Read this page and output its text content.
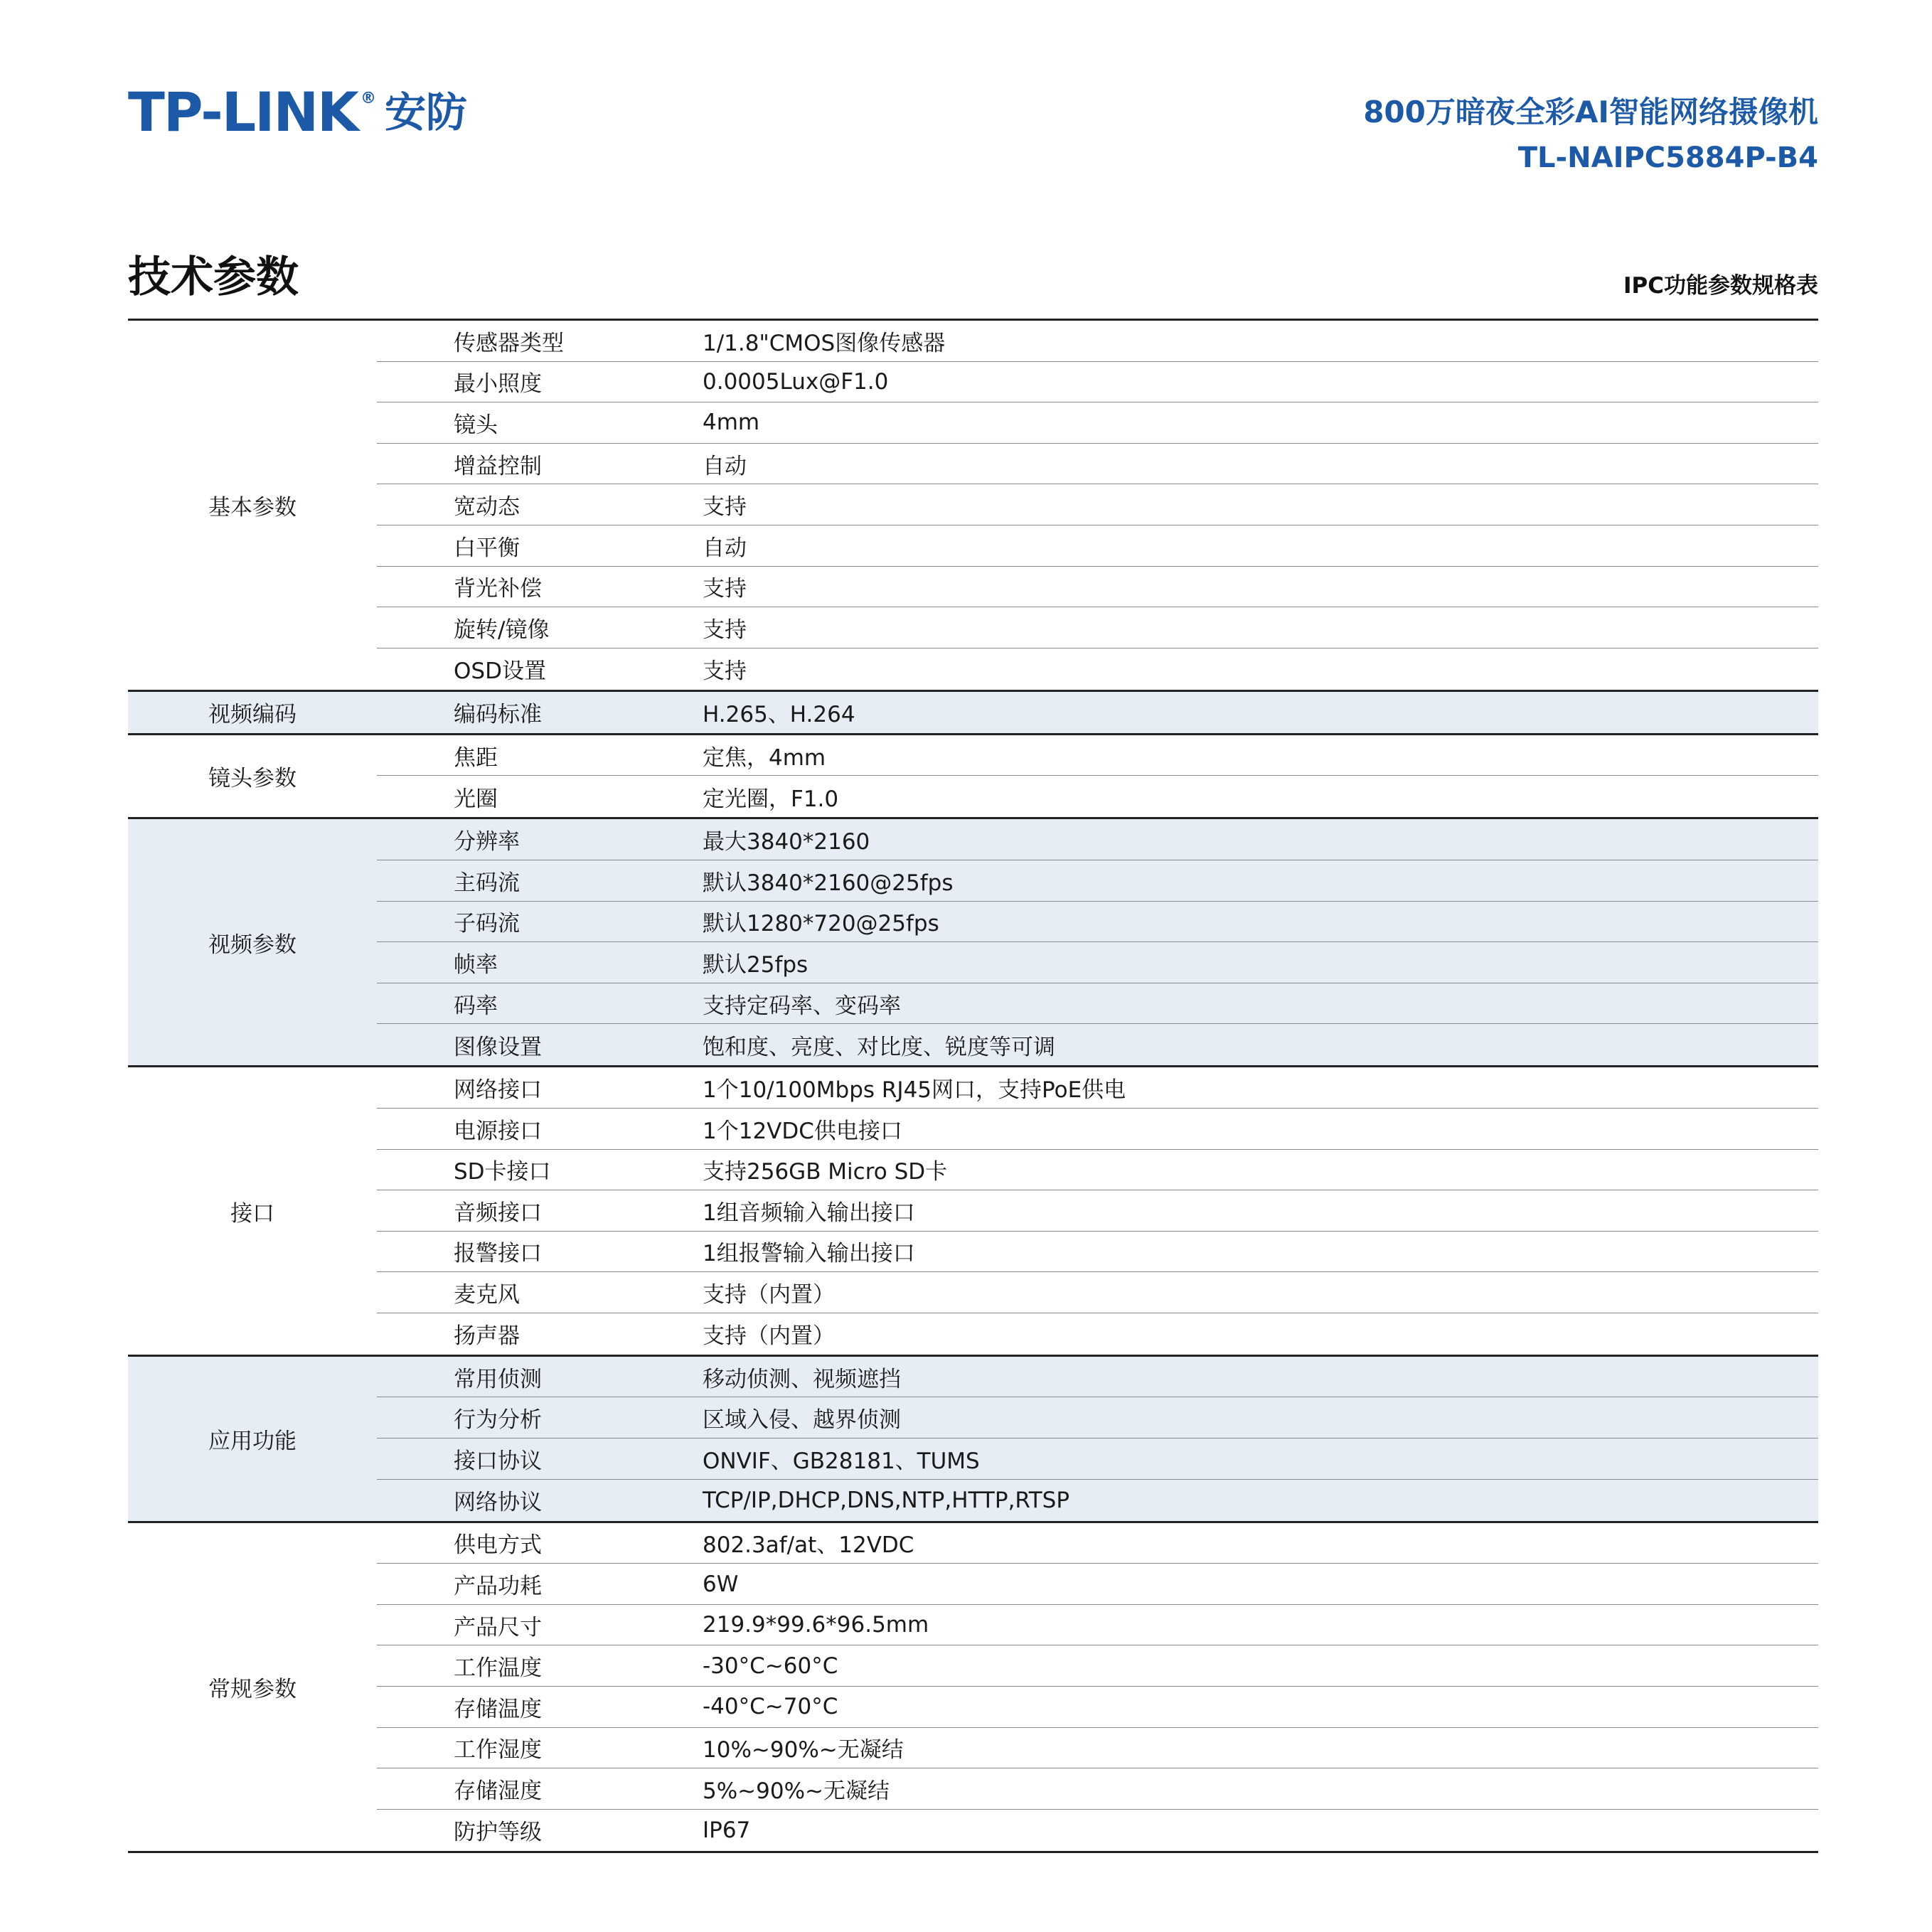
TP-LINK ® 安防	800万暗夜全彩AI智能网络摄像机
TL-NAIPC5884P-B4
技术参数	IPC功能参数规格表
基本参数
传感器类型	1/1.8"CMOS图像传感器
最小照度	0.0005Lux@F1.0
镜头	4mm
增益控制	自动
宽动态	支持
白平衡	自动
背光补偿	支持
旋转/镜像	支持
OSD设置	支持
视频编码	编码标准	H.265、H.264
镜头参数
焦距	定焦，4mm
光圈	定光圈，F1.0
视频参数
分辨率	最大3840*2160
主码流	默认3840*2160@25fps
子码流	默认1280*720@25fps
帧率	默认25fps
码率	支持定码率、变码率
图像设置	饱和度、亮度、对比度、锐度等可调
接口
网络接口	1个10/100Mbps RJ45网口，支持PoE供电
电源接口	1个12VDC供电接口
SD卡接口	支持256GB Micro SD卡
音频接口	1组音频输入输出接口
报警接口	1组报警输入输出接口
麦克风	支持（内置）
扬声器	支持（内置）
应用功能
常用侦测	移动侦测、视频遮挡
行为分析	区域入侵、越界侦测
接口协议	ONVIF、GB28181、TUMS
网络协议	TCP/IP,DHCP,DNS,NTP,HTTP,RTSP
常规参数
供电方式	802.3af/at、12VDC
产品功耗	6W
产品尺寸	219.9*99.6*96.5mm
工作温度	-30°C~60°C
存储温度	-40°C~70°C
工作湿度	10%~90%~无凝结
存储湿度	5%~90%~无凝结
防护等级	IP67
